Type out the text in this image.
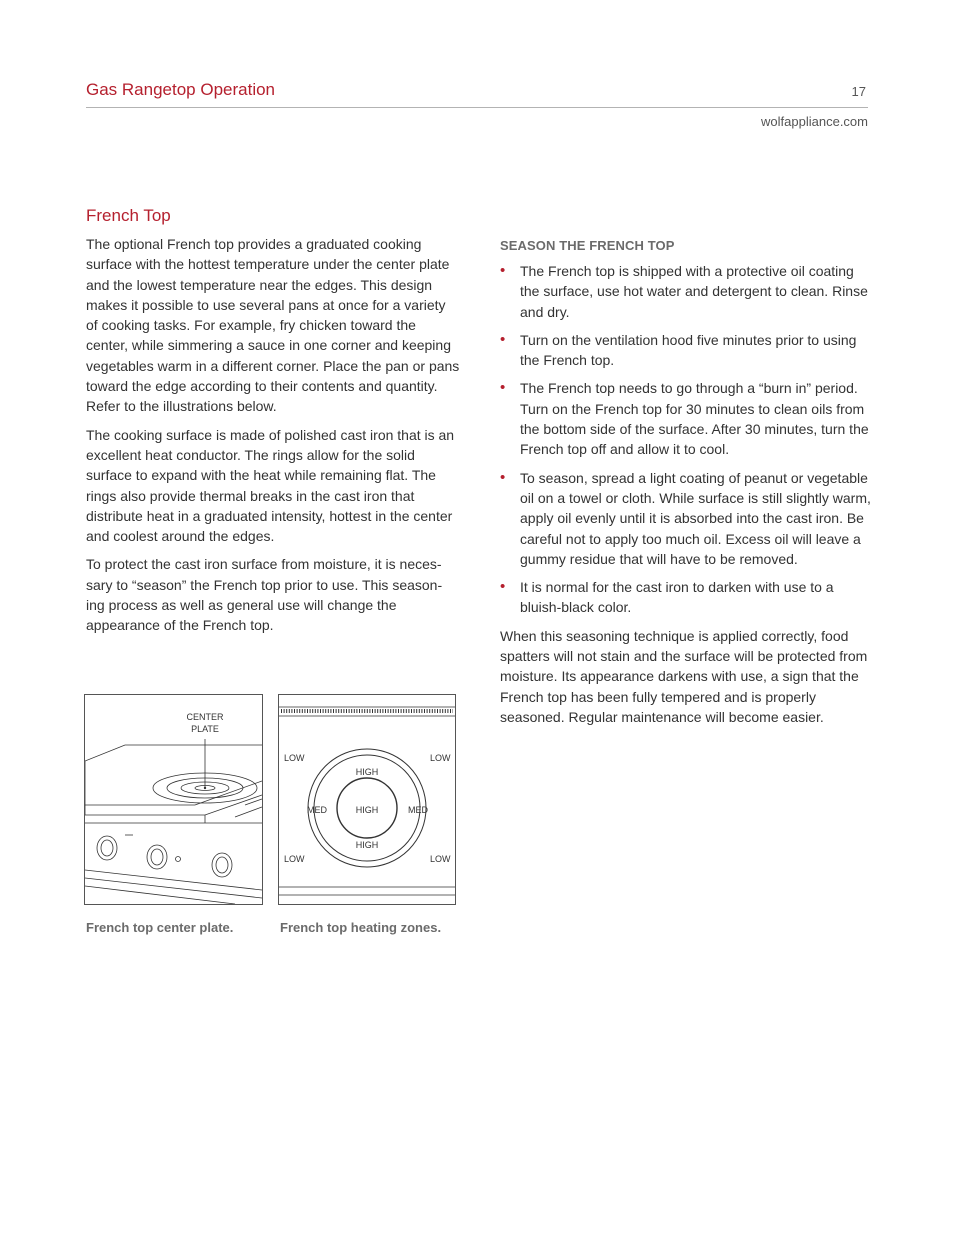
Gas Rangetop Operation	17
wolfappliance.com
French Top

The optional French top provides a graduated cooking surface with the hottest temperature under the center plate and the lowest temperature near the edges. This design makes it possible to use several pans at once for a variety of cooking tasks. For example, fry chicken toward the center, while simmering a sauce in one corner and keeping vegetables warm in a different corner. Place the pan or pans toward the edge according to their contents and quantity. Refer to the illustrations below.

The cooking surface is made of polished cast iron that is an excellent heat conductor. The rings allow for the solid surface to expand with the heat while remaining flat. The rings also provide thermal breaks in the cast iron that distribute heat in a graduated intensity, hottest in the center and coolest around the edges.

To protect the cast iron surface from moisture, it is neces-sary to “season” the French top prior to use. This season-ing process as well as general use will change the appearance of the French top.

SEASON THE FRENCH TOP
• The French top is shipped with a protective oil coating the surface, use hot water and detergent to clean. Rinse and dry.
• Turn on the ventilation hood five minutes prior to using the French top.
• The French top needs to go through a “burn in” period. Turn on the French top for 30 minutes to clean oils from the bottom side of the surface. After 30 minutes, turn the French top off and allow it to cool.
• To season, spread a light coating of peanut or vegetable oil on a towel or cloth. While surface is still slightly warm, apply oil evenly until it is absorbed into the cast iron. Be careful not to apply too much oil. Excess oil will leave a gummy residue that will have to be removed.
• It is normal for the cast iron to darken with use to a bluish-black color.

When this seasoning technique is applied correctly, food spatters will not stain and the surface will be protected from moisture. Its appearance darkens with use, a sign that the French top has been fully tempered and is properly seasoned. Regular maintenance will become easier.

CENTER
PLATE
LOW	LOW
LOW	LOW
MED	MED
HIGH
HIGH
HIGH
French top center plate.	French top heating zones.
